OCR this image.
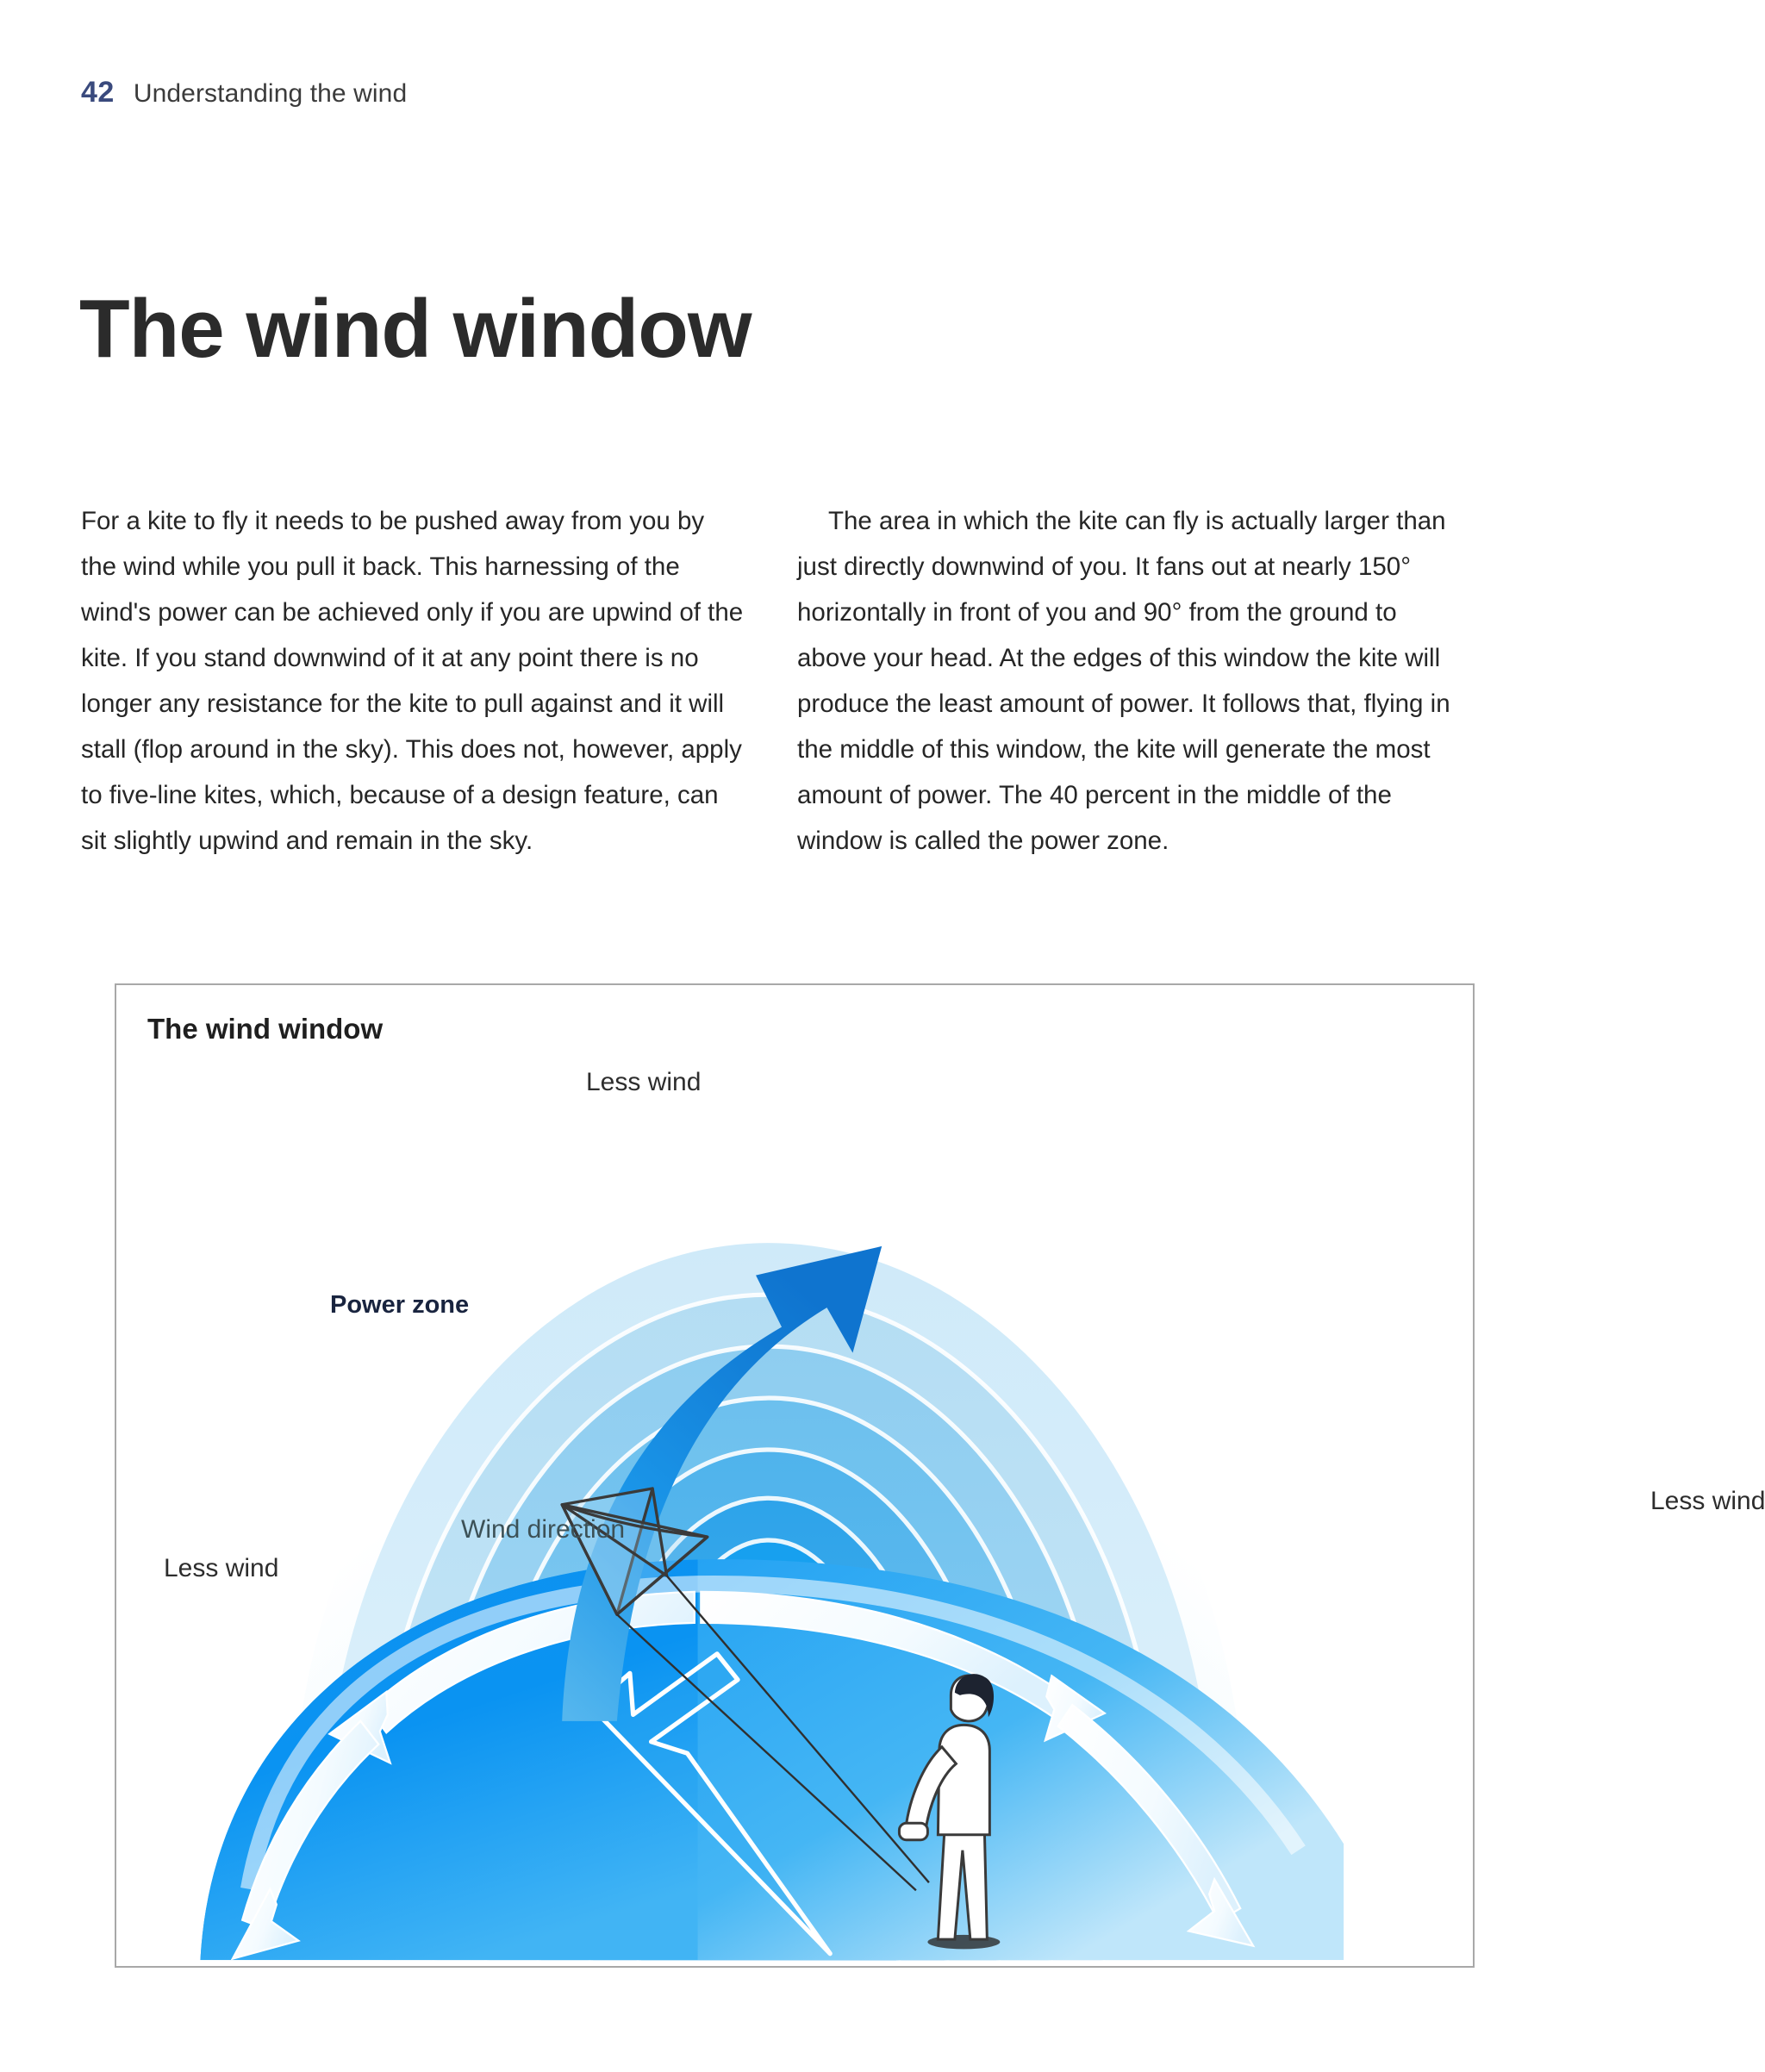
42 Understanding the wind
The wind window

For a kite to fly it needs to be pushed away from you by the wind while you pull it back. This harnessing of the wind's power can be achieved only if you are upwind of the kite. If you stand downwind of it at any point there is no longer any resistance for the kite to pull against and it will stall (flop around in the sky). This does not, however, apply to five-line kites, which, because of a design feature, can sit slightly upwind and remain in the sky.

The area in which the kite can fly is actually larger than just directly downwind of you. It fans out at nearly 150° horizontally in front of you and 90° from the ground to above your head. At the edges of this window the kite will produce the least amount of power. It follows that, flying in the middle of this window, the kite will generate the most amount of power. The 40 percent in the middle of the window is called the power zone.

The wind window
Less wind
Less wind
Less wind
Power zone
Wind direction
